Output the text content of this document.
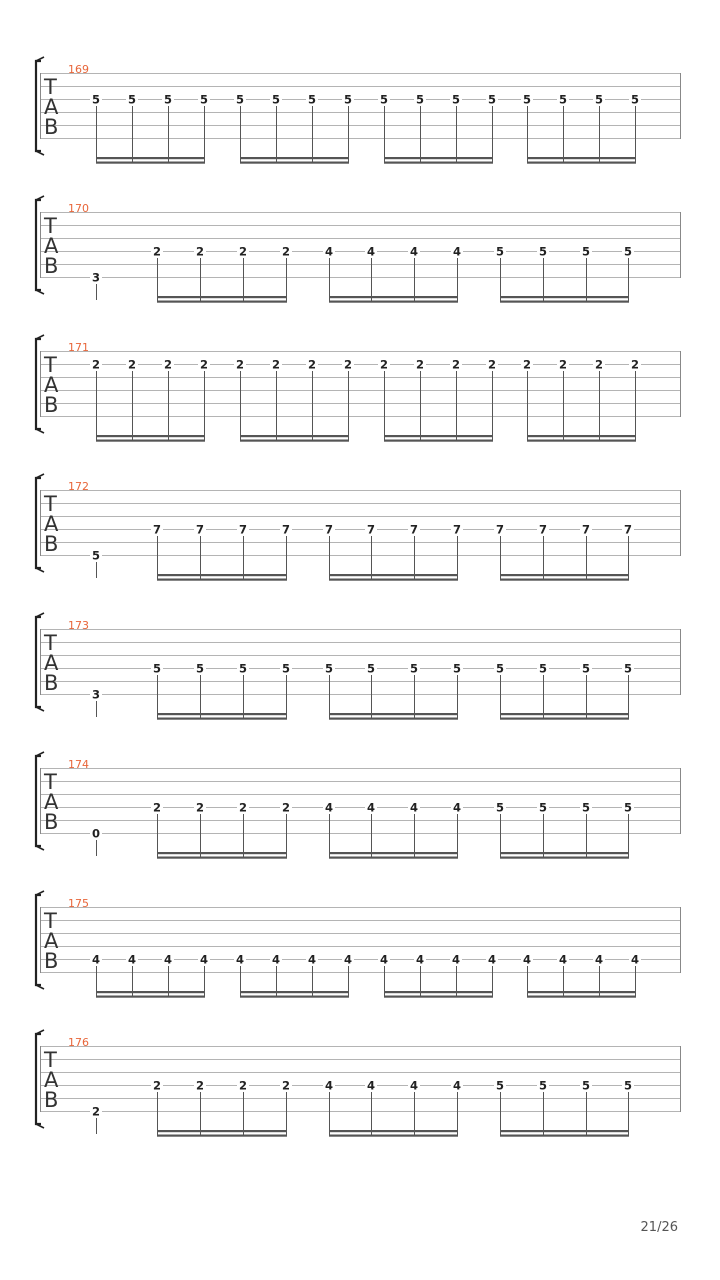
169
T
A
B
5 5 5 5 5 5 5 5 5 5 5 5 5 5 5 5
170
T
A
B	3
2	2	2	2	4	4	4	4	5	5	5	5
171
T
A
B
2 2 2 2 2 2 2 2 2 2 2 2 2 2 2 2
172
T
A
B	5
7	7	7	7	7	7	7	7	7	7	7	7
173
T
A
B	3
5	5	5	5	5	5	5	5	5	5	5	5
174
T
A
B	0
2	2	2	2	4	4	4	4	5	5	5	5
175
T
A
B	4 4 4 4 4 4 4 4 4 4 4 4 4 4 4 4
176
T
A
B	2
2	2	2	2	4	4	4	4	5	5	5	5
21/26
